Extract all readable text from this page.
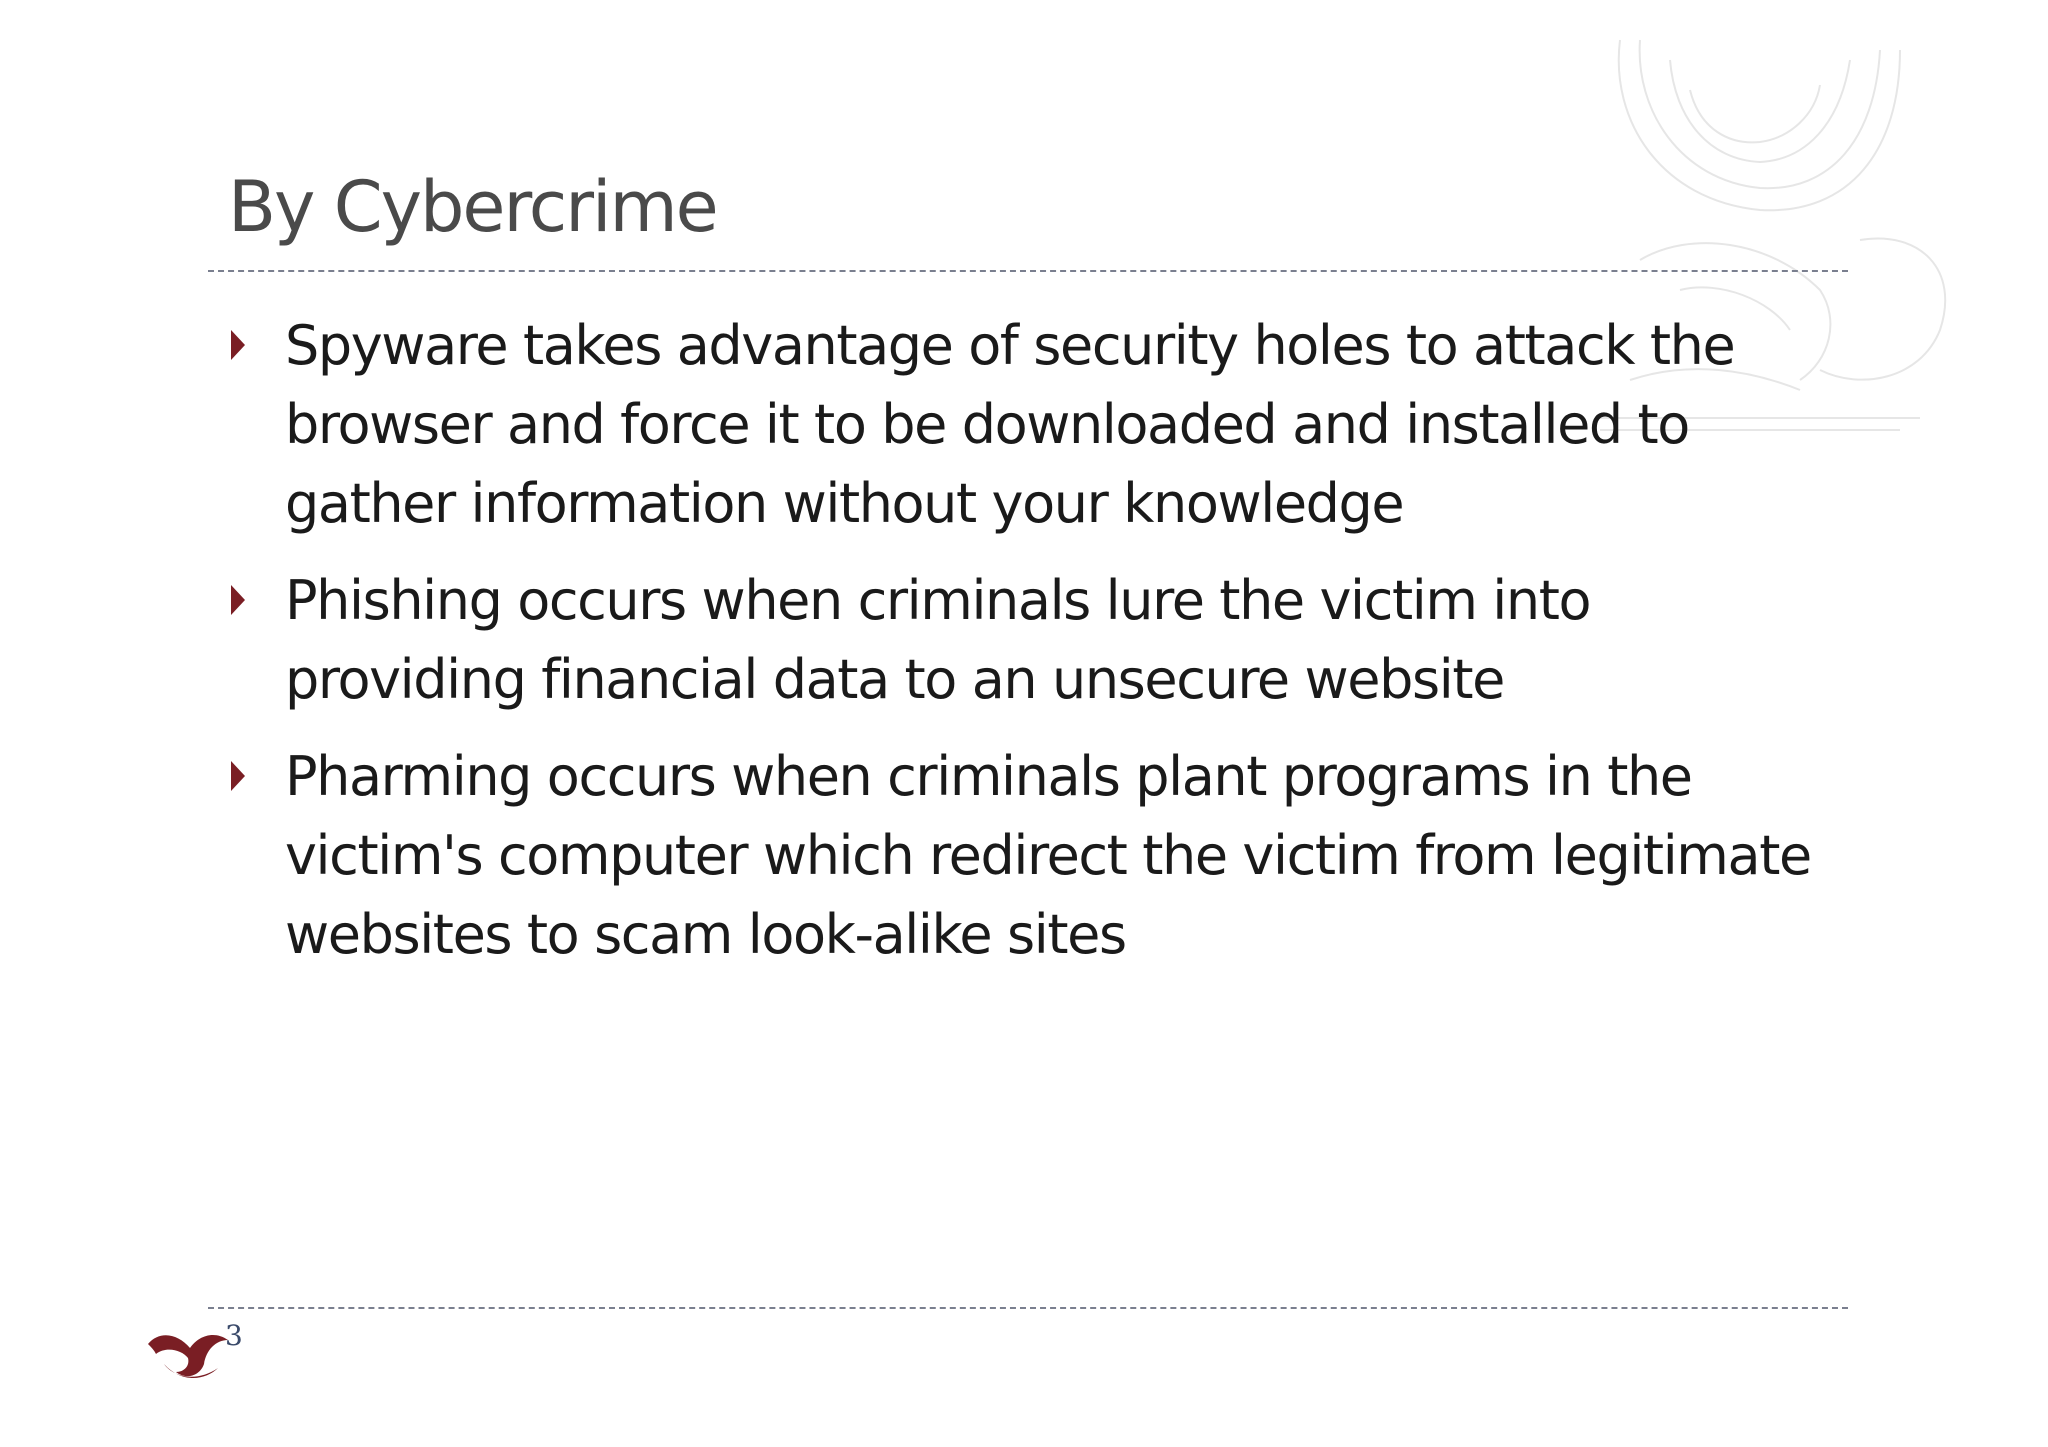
By Cybercrime
Spyware takes advantage of security holes to attack the browser and force it to be downloaded and installed to gather information without your knowledge
Phishing occurs when criminals lure the victim into providing financial data to an unsecure website
Pharming occurs when criminals plant programs in the victim's computer which redirect the victim from legitimate websites to scam look-alike sites
3
